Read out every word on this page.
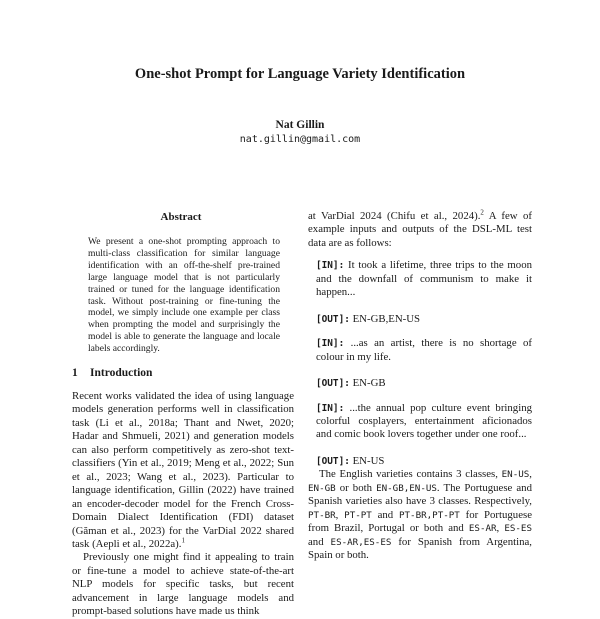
One-shot Prompt for Language Variety Identification
Nat Gillin
nat.gillin@gmail.com
Abstract
We present a one-shot prompting approach to multi-class classification for similar language identification with an off-the-shelf pre-trained large language model that is not particularly trained or tuned for the language identification task. Without post-training or fine-tuning the model, we simply include one example per class when prompting the model and surprisingly the model is able to generate the language and locale labels accordingly.
1 Introduction

Recent works validated the idea of using language models generation performs well in classification task (Li et al., 2018a; Thant and Nwet, 2020; Hadar and Shmueli, 2021) and generation models can also perform competitively as zero-shot text-classifiers (Yin et al., 2019; Meng et al., 2022; Sun et al., 2023; Wang et al., 2023). Particular to language identification, Gillin (2022) have trained an encoder-decoder model for the French Cross-Domain Dialect Identification (FDI) dataset (Găman et al., 2023) for the VarDial 2022 shared task (Aepli et al., 2022a).$^1$

Previously one might find it appealing to train or fine-tune a model to achieve state-of-the-art NLP models for specific tasks, but recent advancement in large language models and prompt-based solutions have made us think

at VarDial 2024 (Chifu et al., 2024).$^2$ A few of example inputs and outputs of the DSL-ML test data are as follows:

[IN]: It took a lifetime, three trips to the moon and the downfall of communism to make it happen...
[OUT]: EN-GB,EN-US
[IN]: ...as an artist, there is no shortage of colour in my life.
[OUT]: EN-GB
[IN]: ...the annual pop culture event bringing colorful cosplayers, entertainment aficionados and comic book lovers together under one roof...
[OUT]: EN-US

The English varieties contains 3 classes, EN-US, EN-GB or both EN-GB,EN-US. The Portuguese and Spanish varieties also have 3 classes. Respectively, PT-BR, PT-PT and PT-BR,PT-PT for Portuguese from Brazil, Portugal or both and ES-AR, ES-ES and ES-AR,ES-ES for Spanish from Argentina, Spain or both.
